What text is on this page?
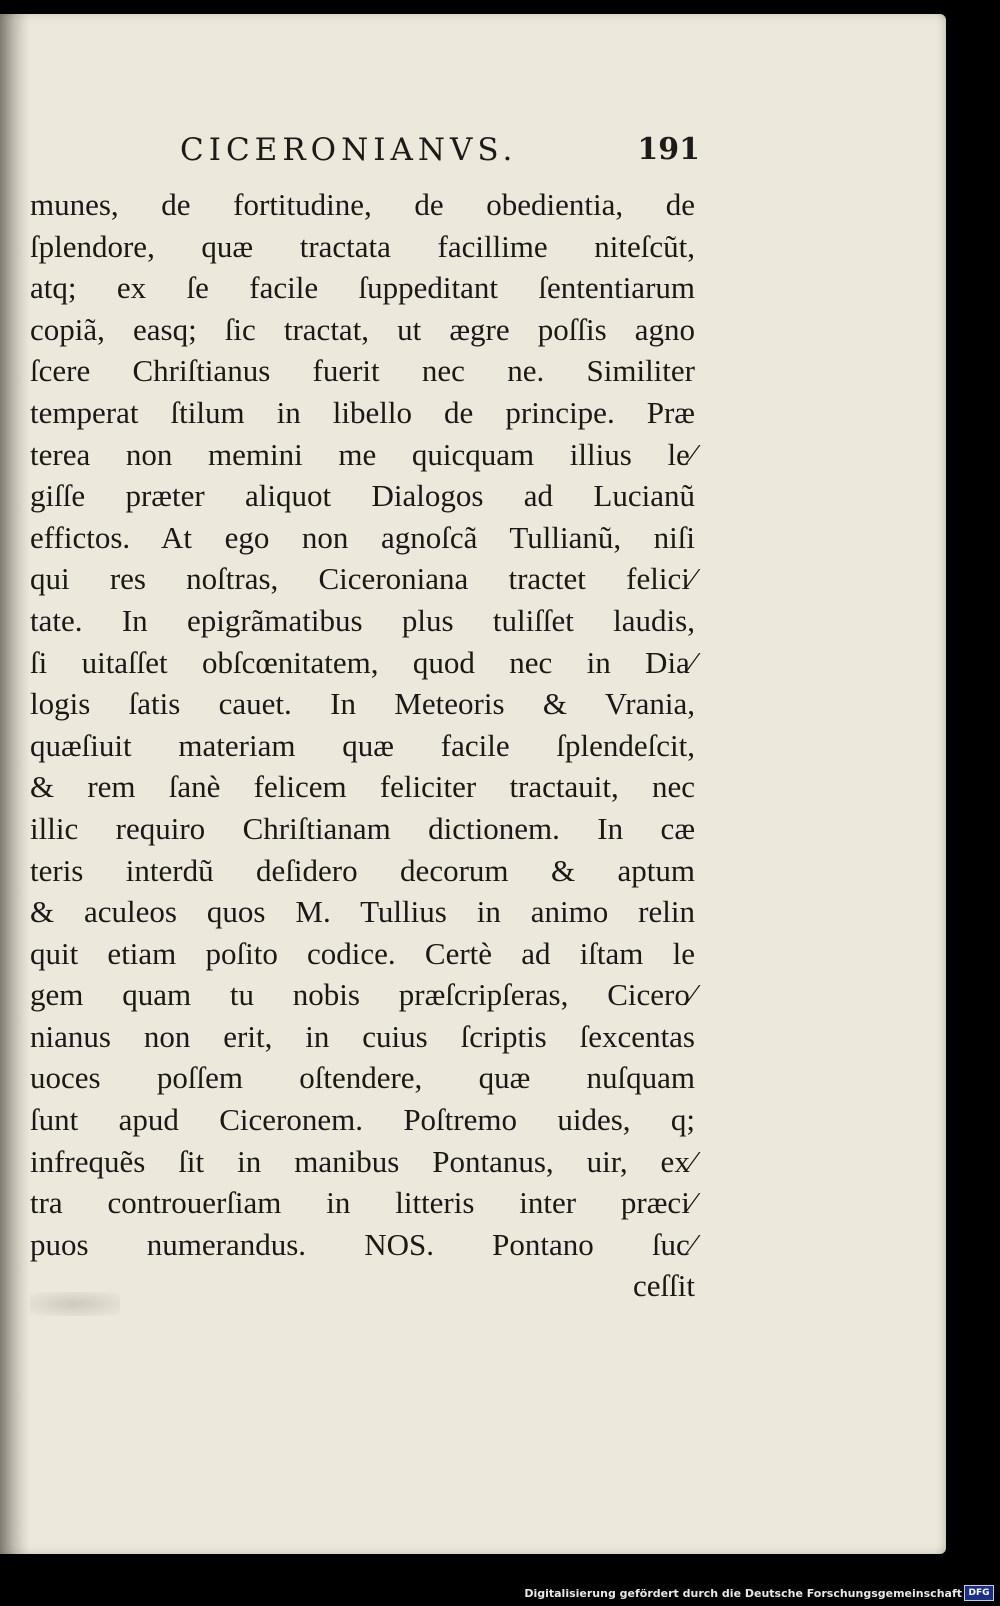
CICERONIANVS.	191
munes, de fortitudine, de obedientia, de
ſplendore, quæ tractata facillime niteſcũt,
atq; ex ſe facile ſuppeditant ſententiarum
copiã, easq; ſic tractat, ut ægre poſſis agno
ſcere Chriſtianus fuerit nec ne. Similiter
temperat ſtilum in libello de principe. Præ
terea non memini me quicquam illius le⁄
giſſe præter aliquot Dialogos ad Lucianũ
effictos. At ego non agnoſcã Tullianũ, niſi
qui res noſtras, Ciceroniana tractet felici⁄
tate. In epigrãmatibus plus tuliſſet laudis,
ſi uitaſſet obſcœnitatem, quod nec in Dia⁄
logis ſatis cauet. In Meteoris & Vrania,
quæſiuit materiam quæ facile ſplendeſcit,
& rem ſanè felicem feliciter tractauit, nec
illic requiro Chriſtianam dictionem. In cæ
teris interdũ deſidero decorum & aptum
& aculeos quos M. Tullius in animo relin
quit etiam poſito codice. Certè ad iſtam le
gem quam tu nobis præſcripſeras, Cicero⁄
nianus non erit, in cuius ſcriptis ſexcentas
uoces poſſem oſtendere, quæ nuſquam
ſunt apud Ciceronem. Poſtremo uides, q;
infrequẽs ſit in manibus Pontanus, uir, ex⁄
tra controuerſiam in litteris inter præci⁄
puos numerandus. NOS. Pontano ſuc⁄
ceſſit
Digitalisierung gefördert durch die Deutsche Forschungsgemeinschaft DFG
